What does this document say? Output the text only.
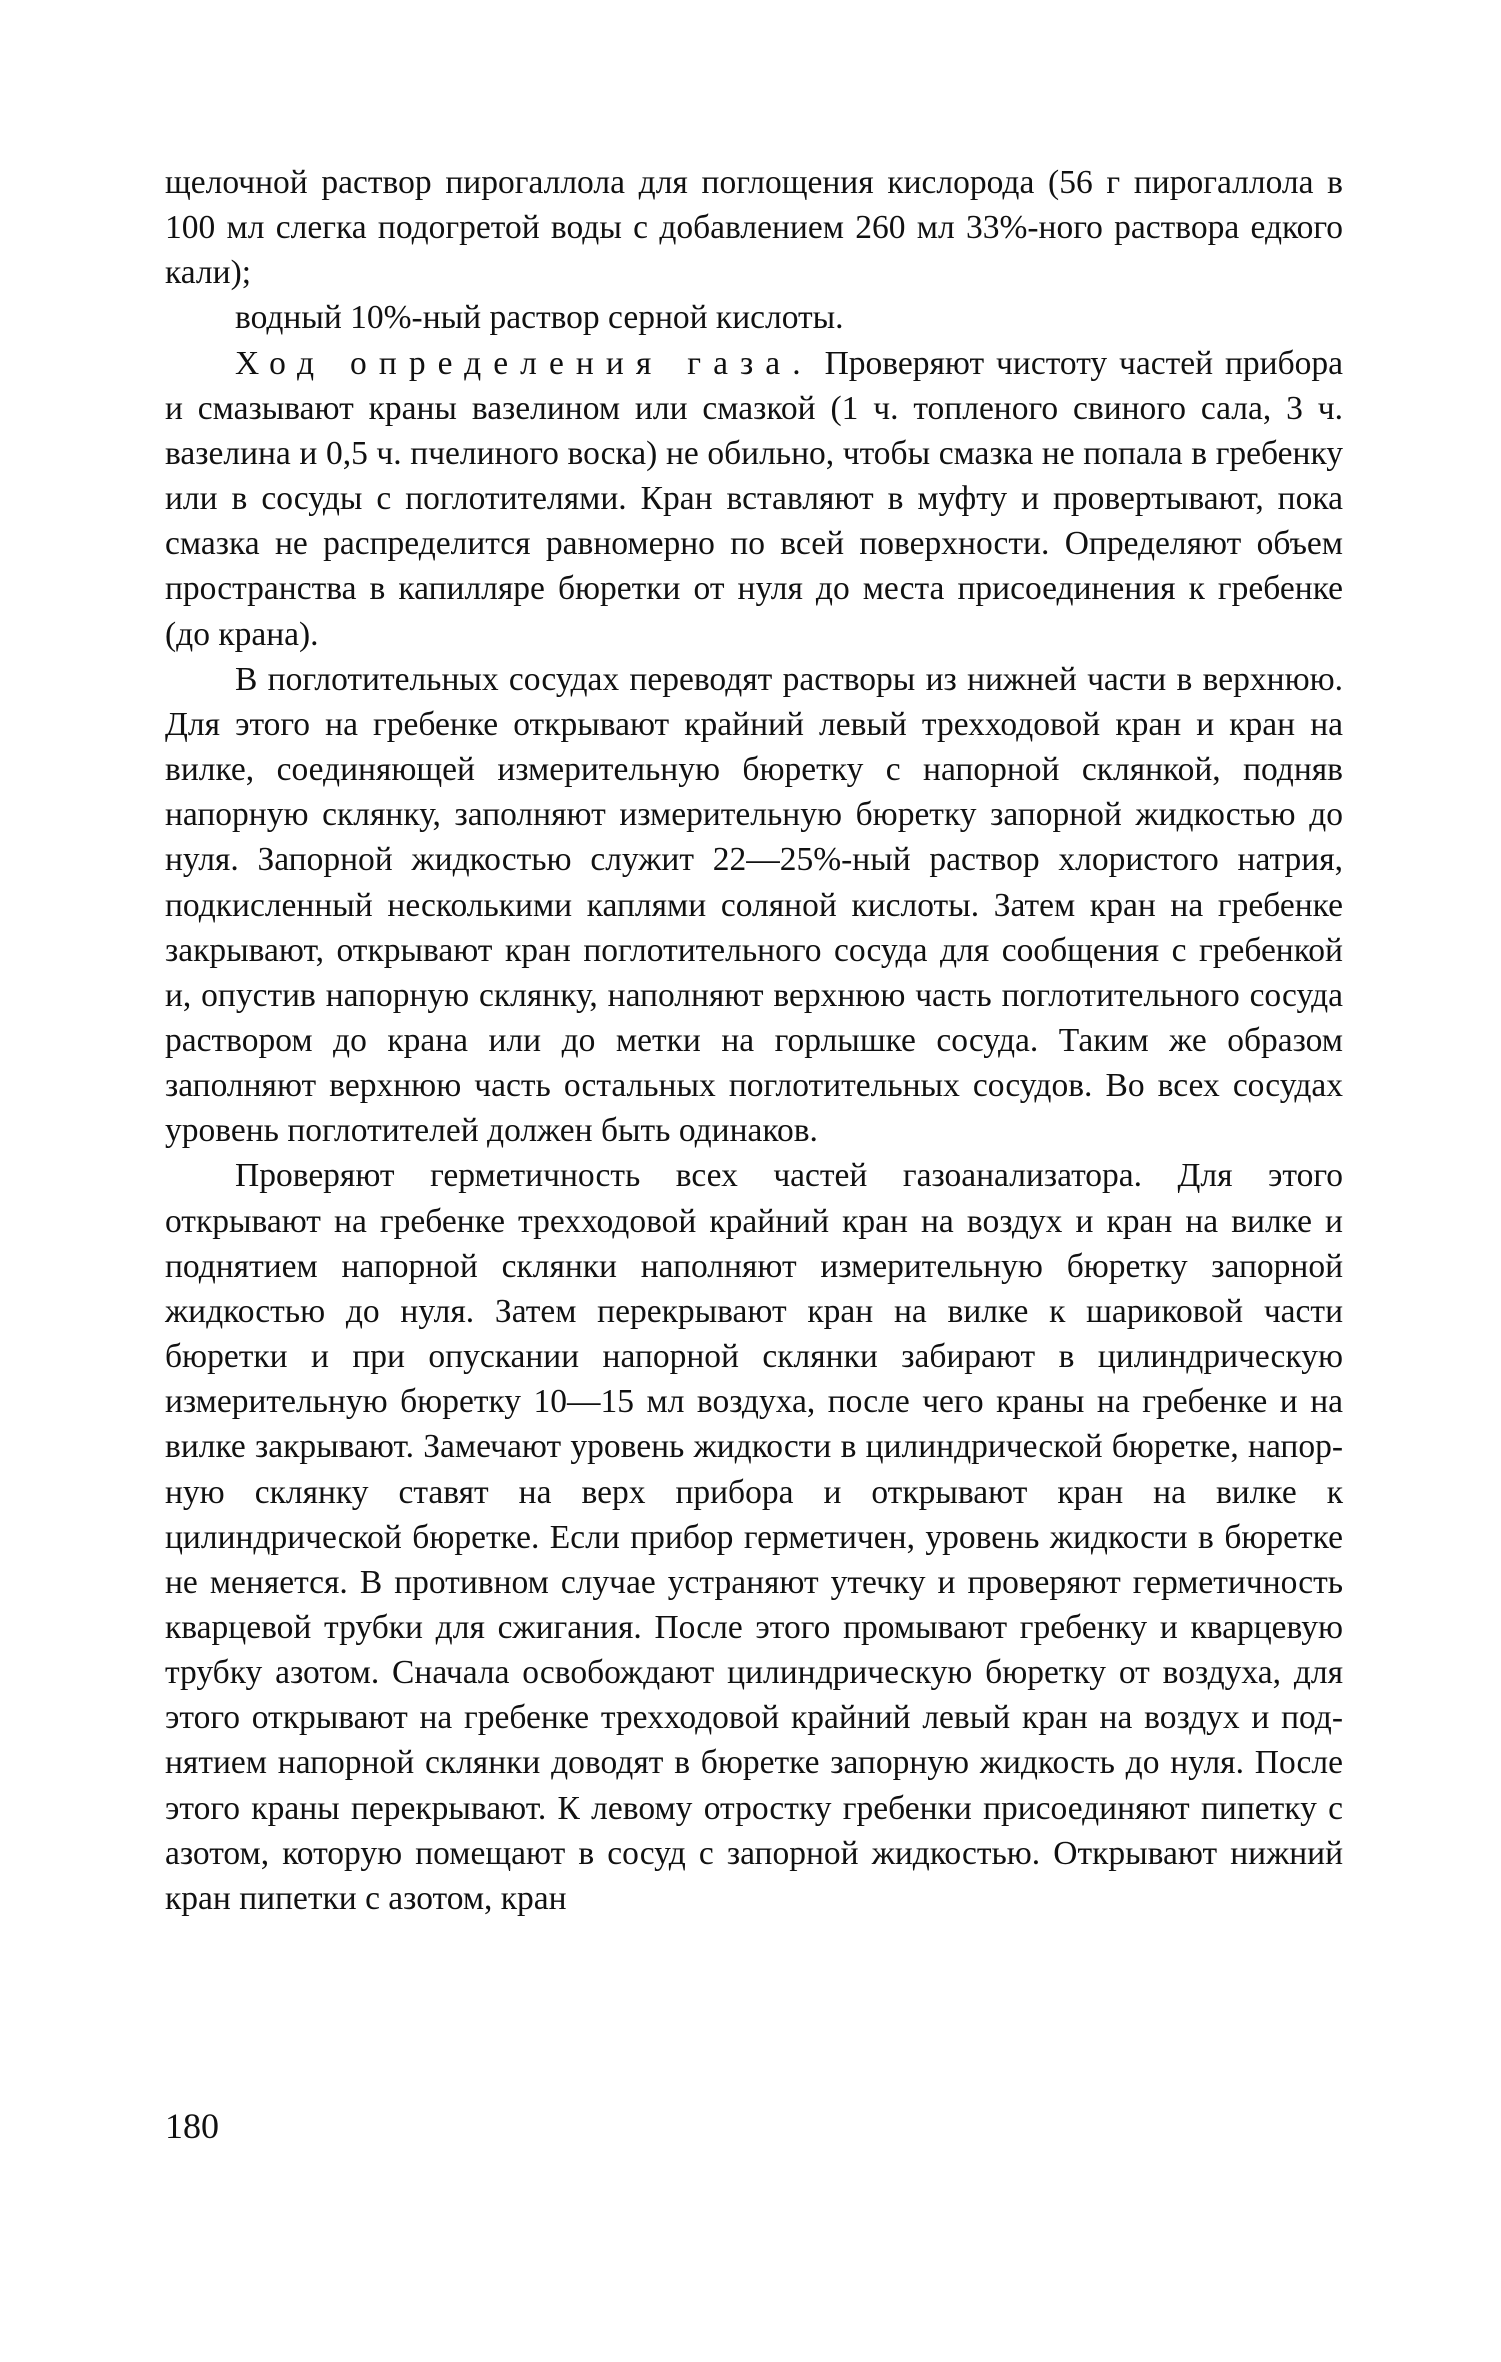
щелочной раствор пирогаллола для поглощения кислорода (56 г пирогаллола в 100 мл слегка подогретой воды с добавлением 260 мл 33%-ного раствора едкого кали);

водный 10%-ный раствор серной кислоты.

Ход определения газа. Проверяют чистоту частей прибора и смазывают краны вазелином или смазкой (1 ч. топленого свиного сала, 3 ч. вазелина и 0,5 ч. пчелиного воска) не обильно, чтобы смазка не попала в гребенку или в сосуды с поглотителями. Кран вставляют в муфту и провертывают, пока смазка не распределится равномерно по всей поверхности. Определяют объем пространства в капилляре бюретки от нуля до места присоединения к гребенке (до крана).

В поглотительных сосудах переводят растворы из нижней части в верхнюю. Для этого на гребенке открывают крайний левый трехходовой кран и кран на вилке, соединяющей измерительную бюретку с напорной склянкой, подняв напорную склянку, заполняют измерительную бюретку запорной жидкостью до нуля. Запорной жидкостью служит 22—25%-ный раствор хлористого натрия, подкисленный несколькими каплями соляной кислоты. Затем кран на гребенке закрывают, открывают кран поглотительного сосуда для сообщения с гребенкой и, опустив напорную склянку, наполняют верхнюю часть поглотительного сосуда раствором до крана или до метки на горлышке сосуда. Таким же образом заполняют верхнюю часть остальных поглотительных сосудов. Во всех сосудах уровень поглотителей должен быть одинаков.

Проверяют герметичность всех частей газоанализатора. Для этого открывают на гребенке трехходовой крайний кран на воздух и кран на вилке и поднятием напорной склянки наполняют измерительную бюретку запорной жидкостью до нуля. Затем перекрывают кран на вилке к шариковой части бюретки и при опускании напорной склянки забирают в цилиндрическую измерительную бюретку 10—15 мл воздуха, после чего краны на гребенке и на вилке закрывают. Замечают уровень жидкости в цилиндрической бюретке, напорную склянку ставят на верх прибора и открывают кран на вилке к цилиндрической бюретке. Если прибор герметичен, уровень жидкости в бюретке не меняется. В противном случае устраняют утечку и проверяют герметичность кварцевой трубки для сжигания. После этого промывают гребенку и кварцевую трубку азотом. Сначала освобождают цилиндрическую бюретку от воздуха, для этого открывают на гребенке трехходовой крайний левый кран на воздух и поднятием напорной склянки доводят в бюретке запорную жидкость до нуля. После этого краны перекрывают. К левому отростку гребенки присоединяют пипетку с азотом, которую помещают в сосуд с запорной жидкостью. Открывают нижний кран пипетки с азотом, кран

180
